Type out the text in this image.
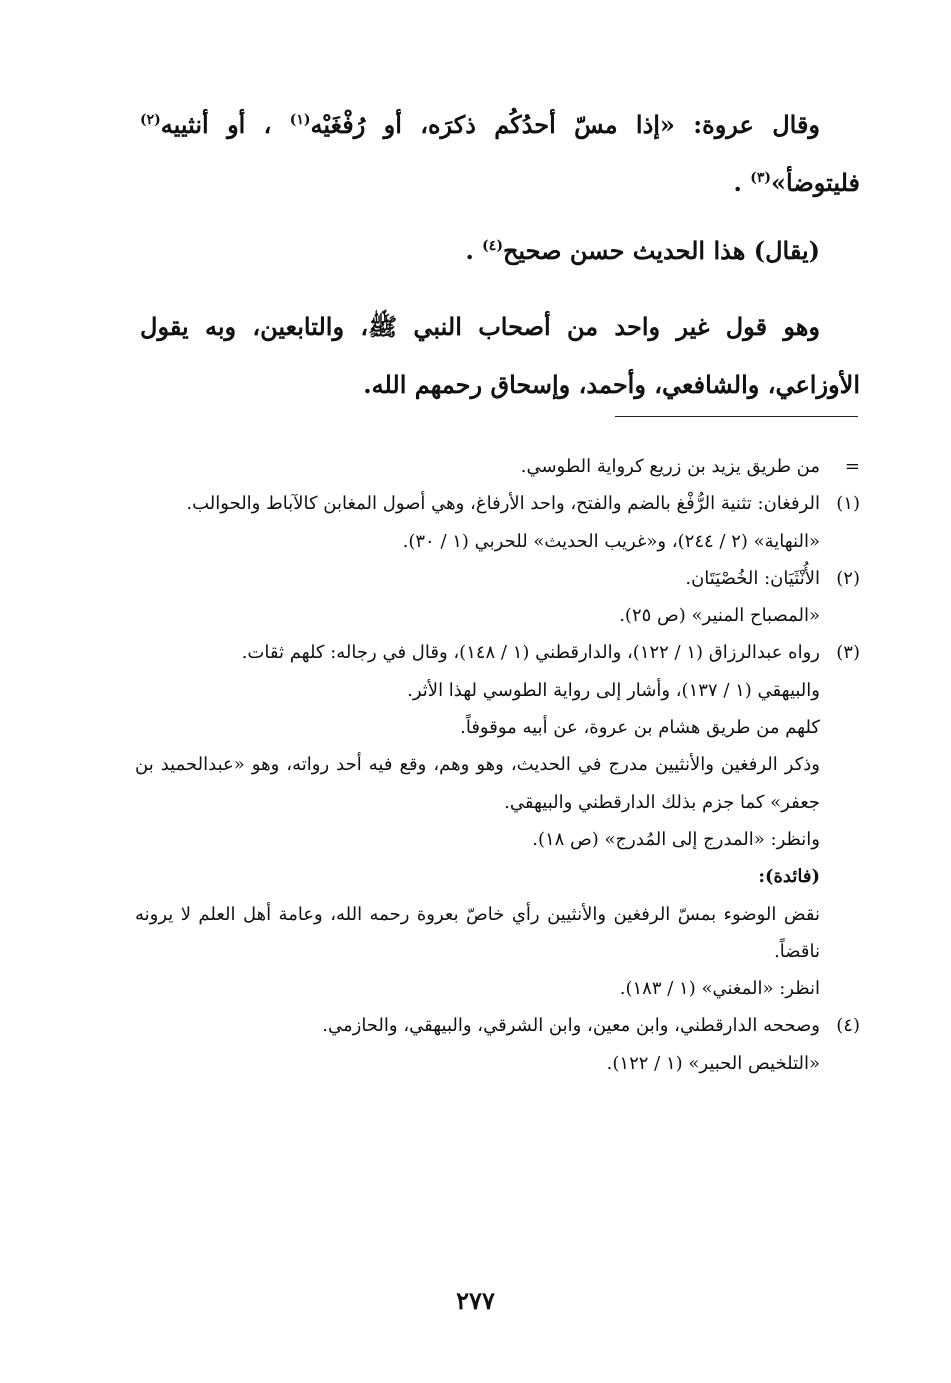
وقال عروة: «إذا مسّ أحدُكُم ذكرَه، أو رُفْغَيْه$^{(١)}$ ، أو أنثييه$^{(٢)}$ فليتوضأ»$^{(٣)}$ .

(يقال) هذا الحديث حسن صحيح$^{(٤)}$ .

وهو قول غير واحد من أصحاب النبي ﷺ، والتابعين، وبه يقول الأوزاعي، والشافعي، وأحمد، وإسحاق رحمهم الله.

=من طريق يزيد بن زريع كرواية الطوسي.

(١)الرفغان: تثنية الرُّفْغ بالضم والفتح، واحد الأرفاغ، وهي أصول المغابن كالآباط والحوالب.

«النهاية» (٢ / ٢٤٤)، و«غريب الحديث» للحربي (١ / ٣٠).

(٢)الأُنْثَيَان: الخُصْيَتَان.

«المصباح المنير» (ص ٢٥).

(٣)رواه عبدالرزاق (١ / ١٢٢)، والدارقطني (١ / ١٤٨)، وقال في رجاله: كلهم ثقات.

والبيهقي (١ / ١٣٧)، وأشار إلى رواية الطوسي لهذا الأثر.

كلهم من طريق هشام بن عروة، عن أبيه موقوفاً.

وذكر الرفغين والأنثيين مدرج في الحديث، وهو وهم، وقع فيه أحد رواته، وهو «عبدالحميد بن جعفر» كما جزم بذلك الدارقطني والبيهقي.

وانظر: «المدرج إلى المُدرج» (ص ١٨).

(فائدة):

نقض الوضوء بمسّ الرفغين والأنثيين رأي خاصّ بعروة رحمه الله، وعامة أهل العلم لا يرونه ناقضاً.

انظر: «المغني» (١ / ١٨٣).

(٤)وصححه الدارقطني، وابن معين، وابن الشرقي، والبيهقي، والحازمي.

«التلخيص الحبير» (١ / ١٢٢).

٢٧٧
